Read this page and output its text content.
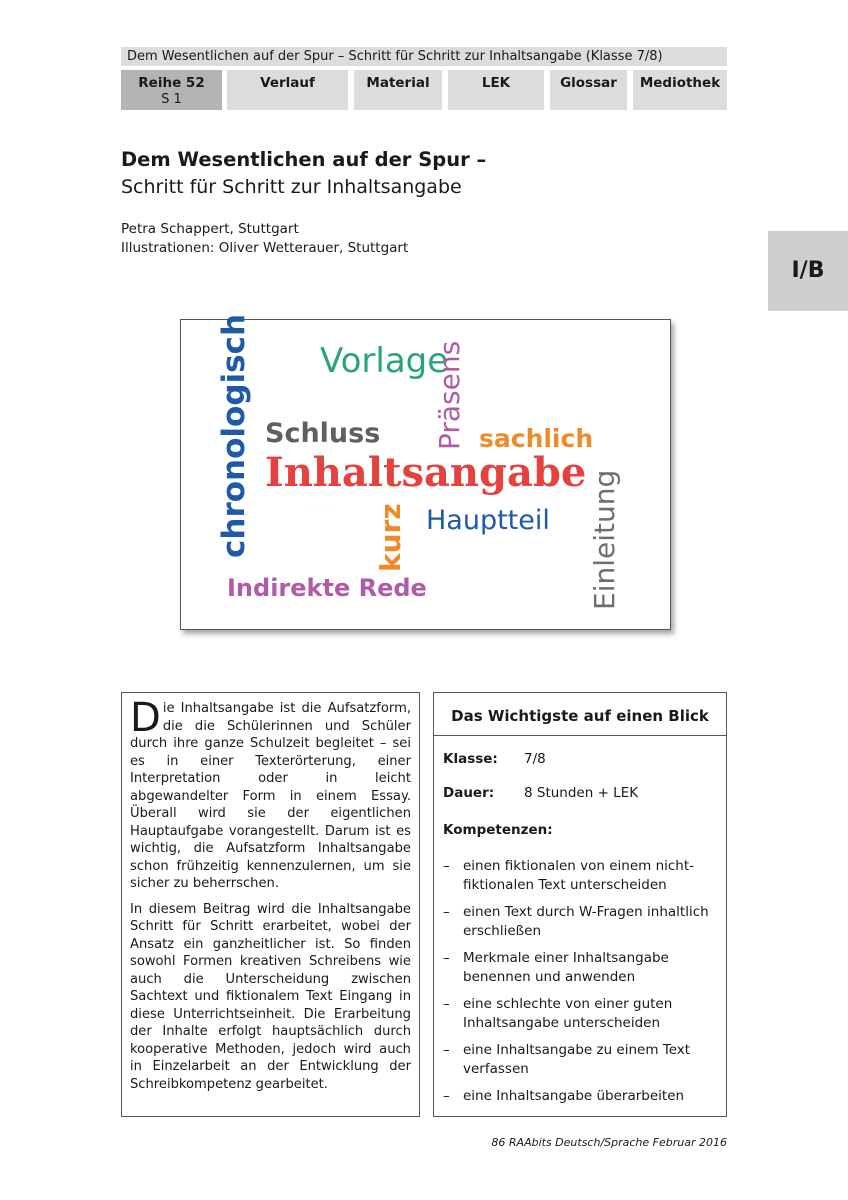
Dem Wesentlichen auf der Spur – Schritt für Schritt zur Inhaltsangabe (Klasse 7/8)
Reihe 52
S 1
Verlauf	Material	LEK	Glossar	Mediothek
Dem Wesentlichen auf der Spur –
Schritt für Schritt zur Inhaltsangabe
Petra Schappert, Stuttgart
Illustrationen: Oliver Wetterauer, Stuttgart
I/B
chronologisch Vorlage
Präsens
Schluss	sachlich
Inhaltsangabe Einleitung
kurz Hauptteil
Indirekte Rede

Die Inhaltsangabe ist die Aufsatzform, die die Schülerinnen und Schüler durch ihre ganze Schulzeit begleitet – sei es in einer Texterörterung, einer Interpretation oder in leicht abgewandelter Form in einem Essay. Überall wird sie der eigentlichen Hauptaufgabe vorangestellt. Darum ist es wichtig, die Aufsatzform Inhaltsangabe schon frühzeitig kennenzulernen, um sie sicher zu beherrschen.

In diesem Beitrag wird die Inhaltsangabe Schritt für Schritt erarbeitet, wobei der Ansatz ein ganzheitlicher ist. So finden sowohl Formen kreativen Schreibens wie auch die Unterscheidung zwischen Sachtext und fiktionalem Text Eingang in diese Unterrichtseinheit. Die Erarbeitung der Inhalte erfolgt hauptsächlich durch kooperative Methoden, jedoch wird auch in Einzelarbeit an der Entwicklung der Schreibkompetenz gearbeitet.

Das Wichtigste auf einen Blick
Klasse: 7/8
Dauer: 8 Stunden + LEK
Kompetenzen:
– einen fiktionalen von einem nicht-fiktionalen Text unterscheiden
– einen Text durch W-Fragen inhaltlich erschließen
– Merkmale einer Inhaltsangabe benennen und anwenden
– eine schlechte von einer guten Inhaltsangabe unterscheiden
– eine Inhaltsangabe zu einem Text verfassen
– eine Inhaltsangabe überarbeiten
86 RAAbits Deutsch/Sprache Februar 2016
